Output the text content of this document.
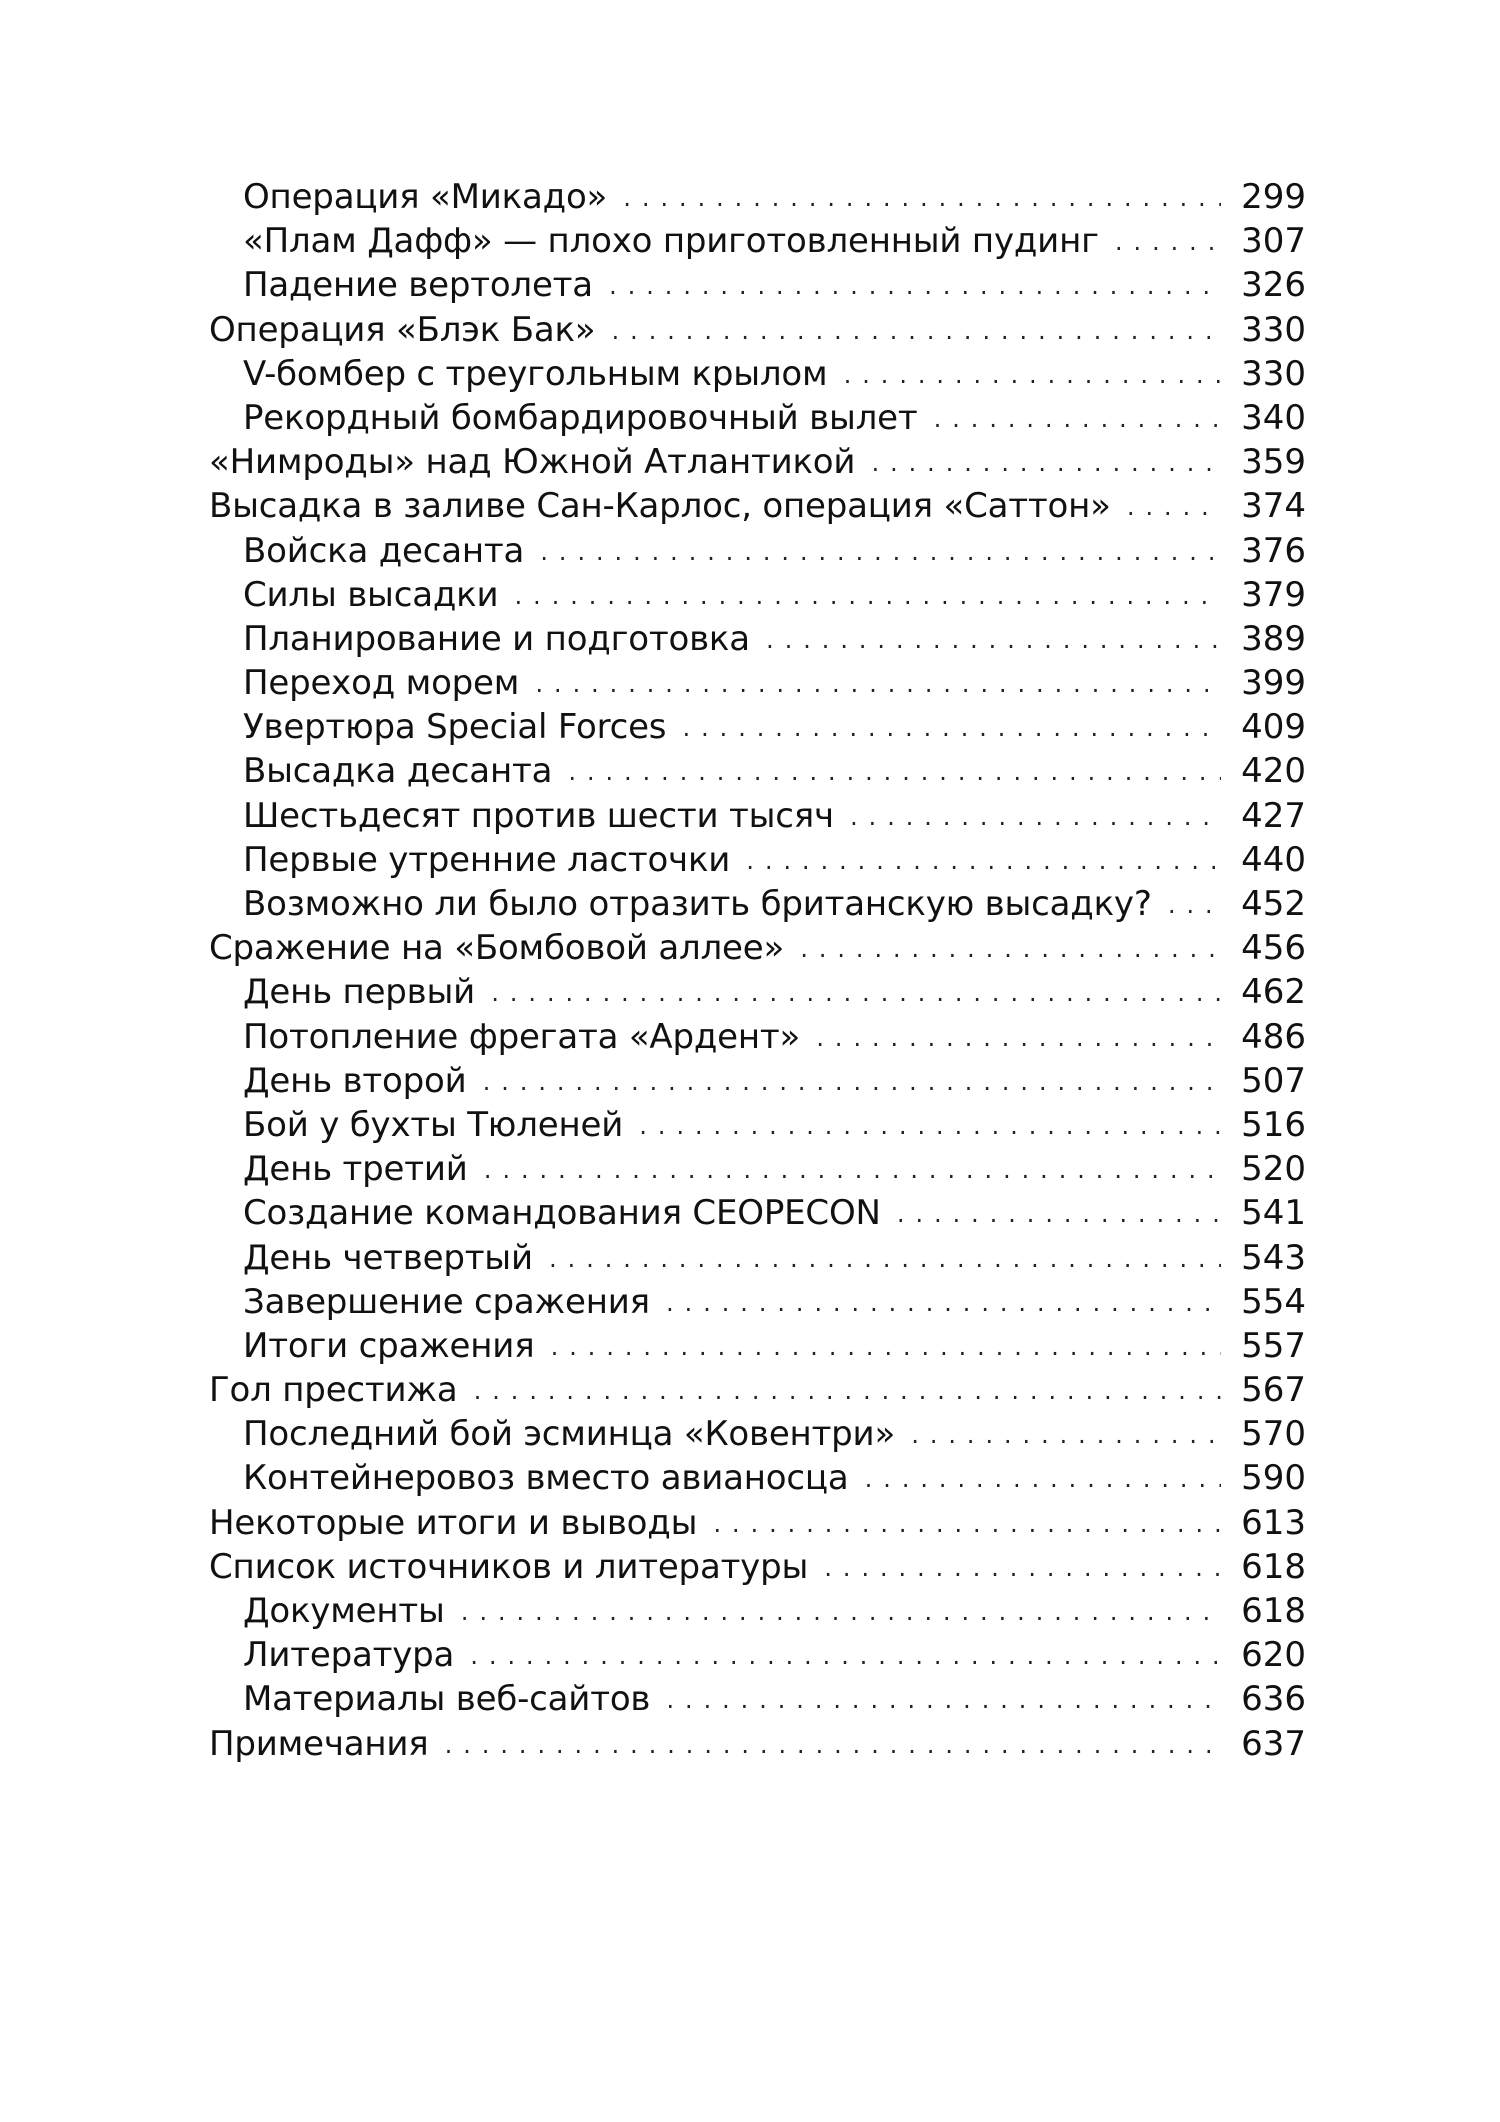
Операция «Микадо» .....	299
«Плам Дафф» — плохо приготовленный пудинг .....	307
Падение вертолета .....	326
Операция «Блэк Бак» .....	330
V-бомбер с треугольным крылом .....	330
Рекордный бомбардировочный вылет .....	340
«Нимроды» над Южной Атлантикой .....	359
Высадка в заливе Сан-Карлос, операция «Саттон» .....	374
Войска десанта .....	376
Силы высадки .....	379
Планирование и подготовка .....	389
Переход морем .....	399
Увертюра Special Forces .....	409
Высадка десанта .....	420
Шестьдесят против шести тысяч .....	427
Первые утренние ласточки .....	440
Возможно ли было отразить британскую высадку? .....	452
Сражение на «Бомбовой аллее» .....	456
День первый .....	462
Потопление фрегата «Ардент» .....	486
День второй .....	507
Бой у бухты Тюленей .....	516
День третий .....	520
Создание командования CEOPECON .....	541
День четвертый .....	543
Завершение сражения .....	554
Итоги сражения .....	557
Гол престижа .....	567
Последний бой эсминца «Ковентри» .....	570
Контейнеровоз вместо авианосца .....	590
Некоторые итоги и выводы .....	613
Список источников и литературы .....	618
Документы .....	618
Литература .....	620
Материалы веб-сайтов .....	636
Примечания .....	637
